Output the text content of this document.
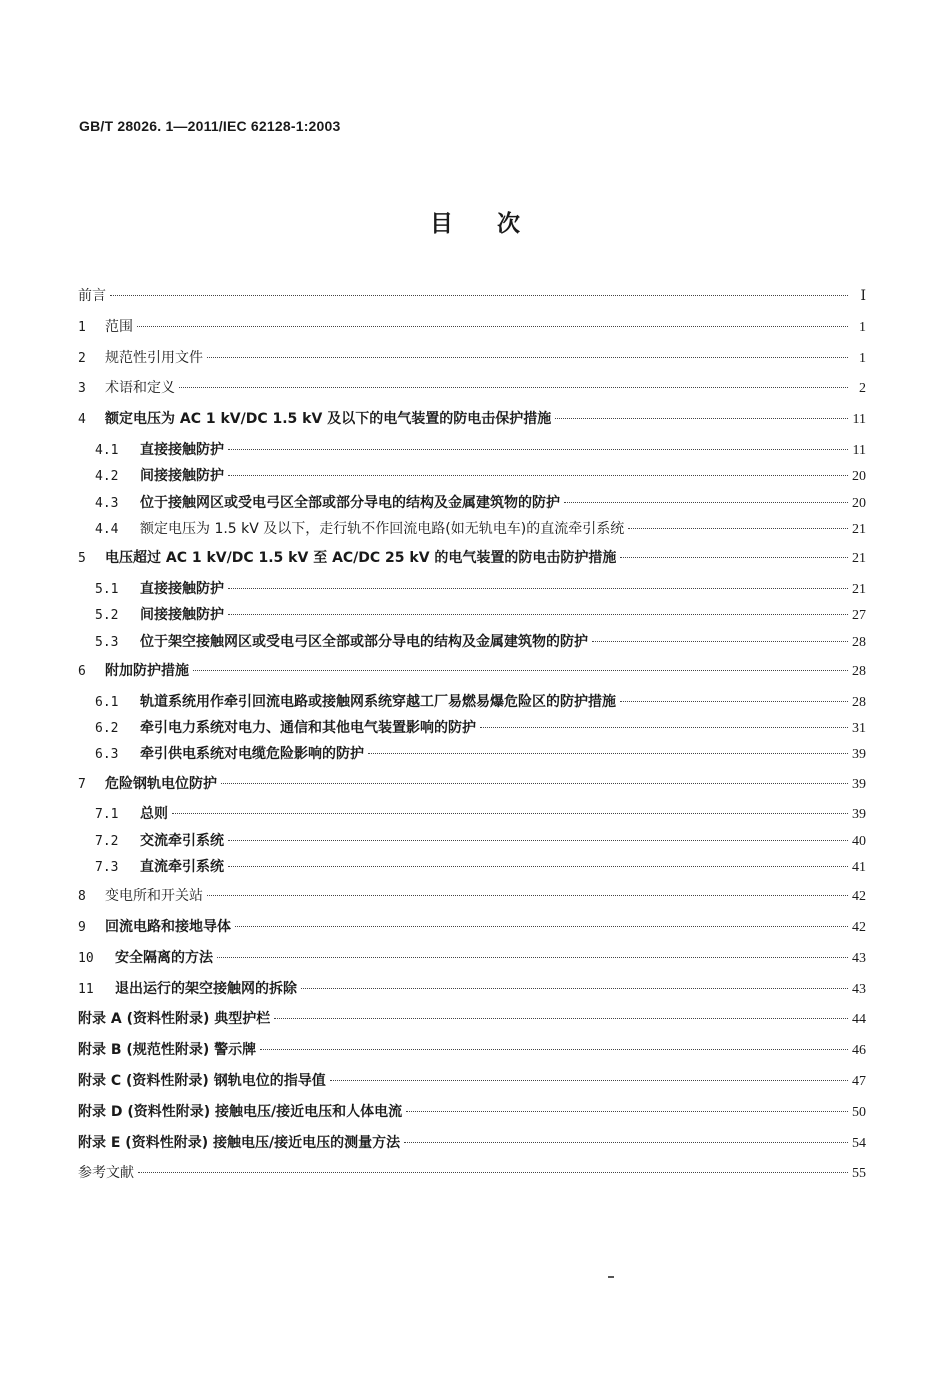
GB/T 28026. 1—2011/IEC 62128-1:2003
目次
前言	Ⅰ
1	范围	1
2	规范性引用文件	1
3	术语和定义	2
4	额定电压为 AC 1 kV/DC 1.5 kV 及以下的电气装置的防电击保护措施	11
4.1	直接接触防护	11
4.2	间接接触防护	20
4.3	位于接触网区或受电弓区全部或部分导电的结构及金属建筑物的防护	20
4.4	额定电压为 1.5 kV 及以下，走行轨不作回流电路(如无轨电车)的直流牵引系统	21
5	电压超过 AC 1 kV/DC 1.5 kV 至 AC/DC 25 kV 的电气装置的防电击防护措施	21
5.1	直接接触防护	21
5.2	间接接触防护	27
5.3	位于架空接触网区或受电弓区全部或部分导电的结构及金属建筑物的防护	28
6	附加防护措施	28
6.1	轨道系统用作牵引回流电路或接触网系统穿越工厂易燃易爆危险区的防护措施	28
6.2	牵引电力系统对电力、通信和其他电气装置影响的防护	31
6.3	牵引供电系统对电缆危险影响的防护	39
7	危险钢轨电位防护	39
7.1	总则	39
7.2	交流牵引系统	40
7.3	直流牵引系统	41
8	变电所和开关站	42
9	回流电路和接地导体	42
10	安全隔离的方法	43
11	退出运行的架空接触网的拆除	43
附录 A (资料性附录) 典型护栏	44
附录 B (规范性附录) 警示牌	46
附录 C (资料性附录) 钢轨电位的指导值	47
附录 D (资料性附录) 接触电压/接近电压和人体电流	50
附录 E (资料性附录) 接触电压/接近电压的测量方法	54
参考文献	55
